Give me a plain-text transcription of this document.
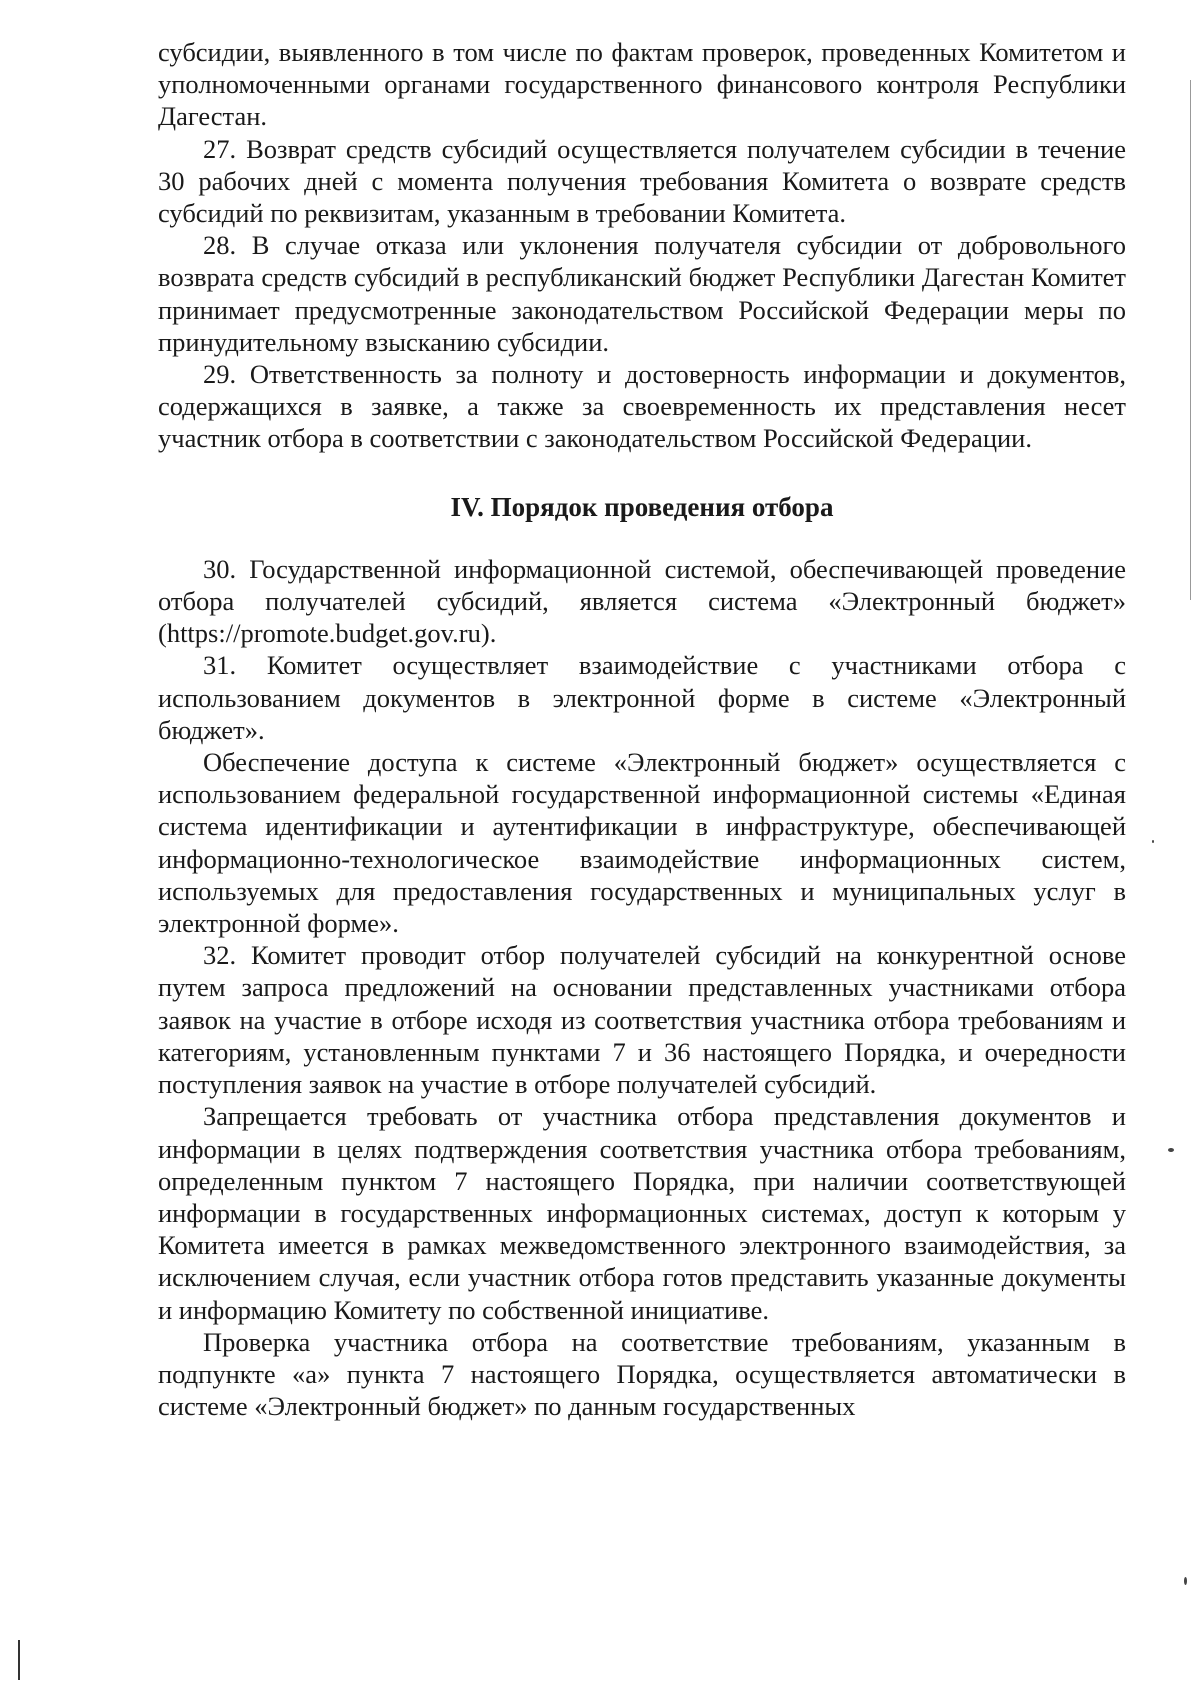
субсидии, выявленного в том числе по фактам проверок, проведенных Комитетом и уполномоченными органами государственного финансового контроля Республики Дагестан.

27. Возврат средств субсидий осуществляется получателем субсидии в течение 30 рабочих дней с момента получения требования Комитета о возврате средств субсидий по реквизитам, указанным в требовании Комитета.

28. В случае отказа или уклонения получателя субсидии от добровольного возврата средств субсидий в республиканский бюджет Республики Дагестан Комитет принимает предусмотренные законодательством Российской Федерации меры по принудительному взысканию субсидии.

29. Ответственность за полноту и достоверность информации и документов, содержащихся в заявке, а также за своевременность их представления несет участник отбора в соответствии с законодательством Российской Федерации.

IV. Порядок проведения отбора

30. Государственной информационной системой, обеспечивающей проведение отбора получателей субсидий, является система «Электронный бюджет» (https://promote.budget.gov.ru).

31. Комитет осуществляет взаимодействие с участниками отбора с использованием документов в электронной форме в системе «Электронный бюджет».

Обеспечение доступа к системе «Электронный бюджет» осуществляется с использованием федеральной государственной информационной системы «Единая система идентификации и аутентификации в инфраструктуре, обеспечивающей информационно-технологическое взаимодействие информационных систем, используемых для предоставления государственных и муниципальных услуг в электронной форме».

32. Комитет проводит отбор получателей субсидий на конкурентной основе путем запроса предложений на основании представленных участниками отбора заявок на участие в отборе исходя из соответствия участника отбора требованиям и категориям, установленным пунктами 7 и 36 настоящего Порядка, и очередности поступления заявок на участие в отборе получателей субсидий.

Запрещается требовать от участника отбора представления документов и информации в целях подтверждения соответствия участника отбора требованиям, определенным пунктом 7 настоящего Порядка, при наличии соответствующей информации в государственных информационных системах, доступ к которым у Комитета имеется в рамках межведомственного электронного взаимодействия, за исключением случая, если участник отбора готов представить указанные документы и информацию Комитету по собственной инициативе.

Проверка участника отбора на соответствие требованиям, указанным в подпункте «а» пункта 7 настоящего Порядка, осуществляется автоматически в системе «Электронный бюджет» по данным государственных
